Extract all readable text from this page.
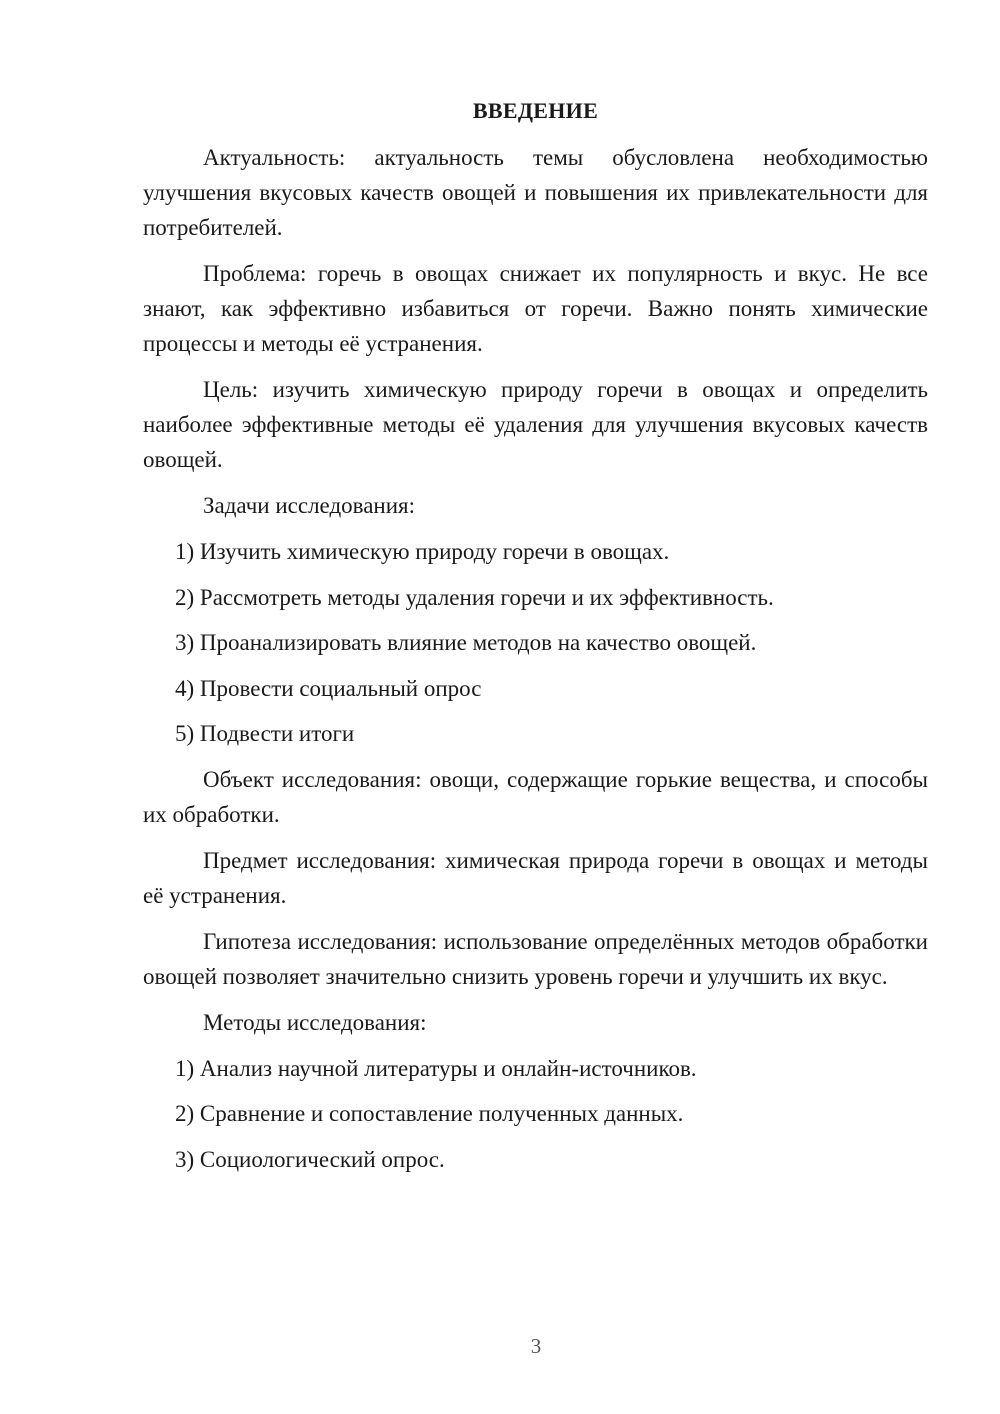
ВВЕДЕНИЕ

Актуальность: актуальность темы обусловлена необходимостью улучшения вкусовых качеств овощей и повышения их привлекательности для потребителей.

Проблема: горечь в овощах снижает их популярность и вкус. Не все знают, как эффективно избавиться от горечи. Важно понять химические процессы и методы её устранения.

Цель: изучить химическую природу горечи в овощах и определить наиболее эффективные методы её удаления для улучшения вкусовых качеств овощей.

Задачи исследования:

1) Изучить химическую природу горечи в овощах.
2) Рассмотреть методы удаления горечи и их эффективность.
3) Проанализировать влияние методов на качество овощей.
4) Провести социальный опрос
5) Подвести итоги

Объект исследования: овощи, содержащие горькие вещества, и способы их обработки.

Предмет исследования: химическая природа горечи в овощах и методы её устранения.

Гипотеза исследования: использование определённых методов обработки овощей позволяет значительно снизить уровень горечи и улучшить их вкус.

Методы исследования:

1) Анализ научной литературы и онлайн-источников.
2) Сравнение и сопоставление полученных данных.
3) Социологический опрос.
3
